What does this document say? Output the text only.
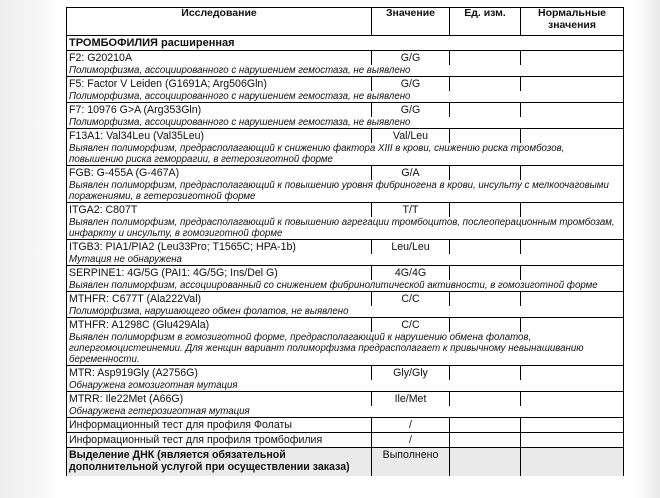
Исследование	Значение	Ед. изм.	Нормальные значения
ТРОМБОФИЛИЯ расширенная			
F2: G20210A	G/G		
Полиморфизма, ассоциированного с нарушением гемостаза, не выявлено			
F5: Factor V Leiden (G1691A; Arg506Gln)	G/G		
Полиморфизма, ассоциированного с нарушением гемостаза, не выявлено			
F7: 10976 G>A (Arg353Gln)	G/G		
Полиморфизма, ассоциированного с нарушением гемостаза, не выявлено			
F13A1: Val34Leu (Val35Leu)	Val/Leu		
Выявлен полиморфизм, предрасполагающий к снижению фактора XIII в крови, снижению риска тромбозов, повышению риска геморрагии, в гетерозиготной форме			
FGB: G-455A (G-467A)	G/A		
Выявлен полиморфизм, предрасполагающий к повышению уровня фибриногена в крови, инсульту с мелкоочаговыми поражениями, в гетерозиготной форме			
ITGA2: C807T	T/T		
Выявлен полиморфизм, предрасполагающий к повышению агрегации тромбоцитов, послеоперационным тромбозам, инфаркту и инсульту, в гомозиготной форме			
ITGB3: PIA1/PIA2 (Leu33Pro; T1565C; HPA-1b)	Leu/Leu		
Мутация не обнаружена			
SERPINE1: 4G/5G (PAI1: 4G/5G; Ins/Del G)	4G/4G		
Выявлен полиморфизм, ассоциированный со снижением фибринолитической активности, в гомозиготной форме			
MTHFR: C677T (Ala222Val)	C/C		
Полиморфизма, нарушающего обмен фолатов, не выявлено			
MTHFR: A1298C (Glu429Ala)	C/C		
Выявлен полиморфизм в гомозиготной форме, предрасполагающий к нарушению обмена фолатов, гипергомоцистеинемии. Для женщин вариант полиморфизма предрасполагает к привычному невынашиванию беременности.			
MTR: Asp919Gly (A2756G)	Gly/Gly		
Обнаружена гомозиготная мутация			
MTRR: Ile22Met (A66G)	Ile/Met		
Обнаружена гетерозиготная мутация			
Информационный тест для профиля Фолаты	/		
Информационный тест для профиля тромбофилия	/		
Выделение ДНК (является обязательной дополнительной услугой при осуществлении заказа)	Выполнено		
